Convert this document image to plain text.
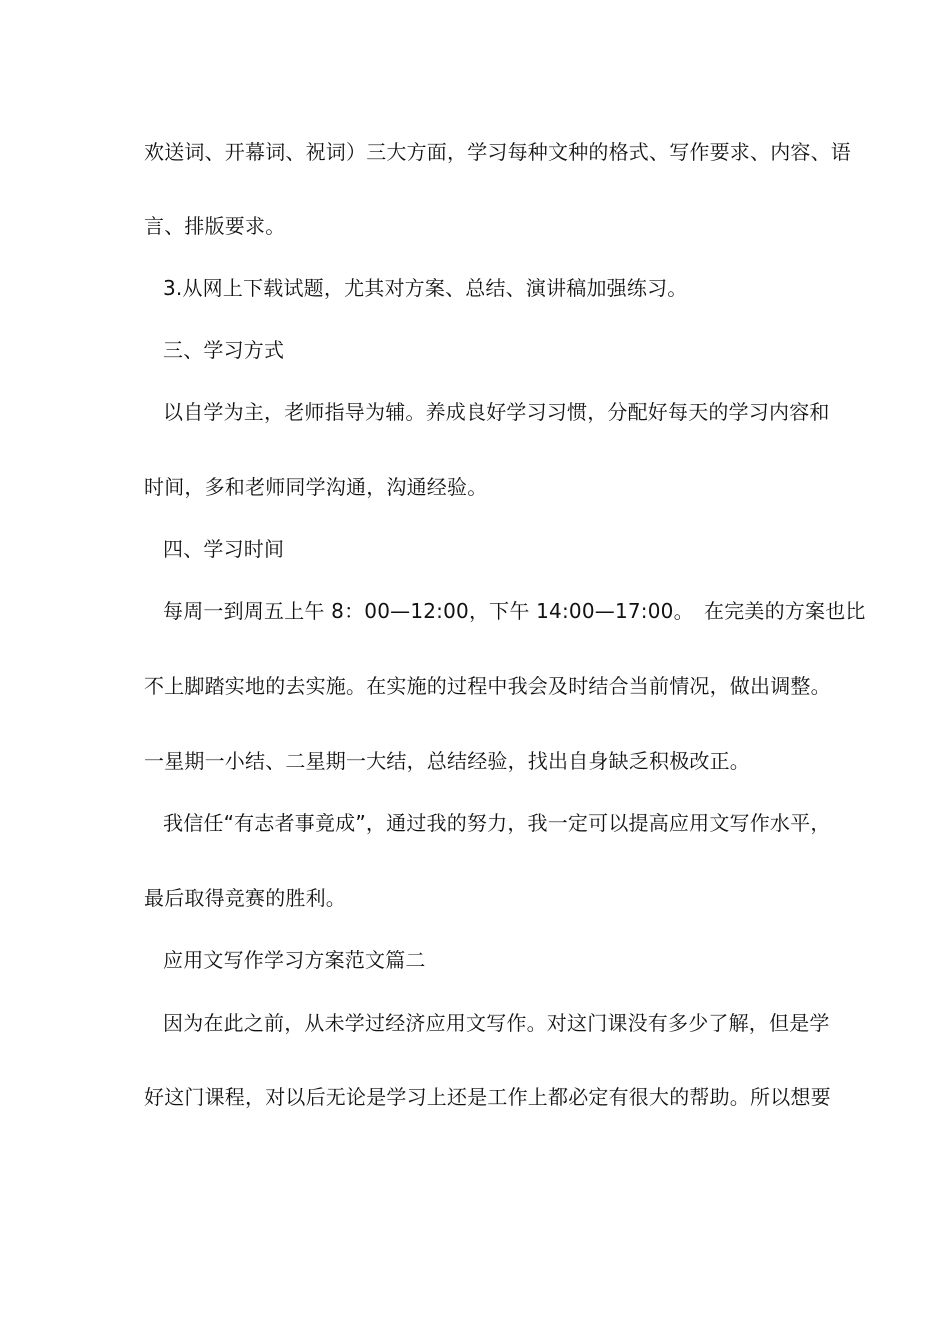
欢送词、开幕词、祝词）三大方面，学习每种文种的格式、写作要求、内容、语
言、排版要求。
3.从网上下载试题，尤其对方案、总结、演讲稿加强练习。
三、学习方式
以自学为主，老师指导为辅。养成良好学习习惯，分配好每天的学习内容和
时间，多和老师同学沟通，沟通经验。
四、学习时间
每周一到周五上午 8：00—12:00，下午 14:00—17:00。　在完美的方案也比
不上脚踏实地的去实施。在实施的过程中我会及时结合当前情况，做出调整。
一星期一小结、二星期一大结，总结经验，找出自身缺乏积极改正。
我信任“有志者事竟成”，通过我的努力，我一定可以提高应用文写作水平，
最后取得竞赛的胜利。
应用文写作学习方案范文篇二
因为在此之前，从未学过经济应用文写作。对这门课没有多少了解，但是学
好这门课程，对以后无论是学习上还是工作上都必定有很大的帮助。所以想要
